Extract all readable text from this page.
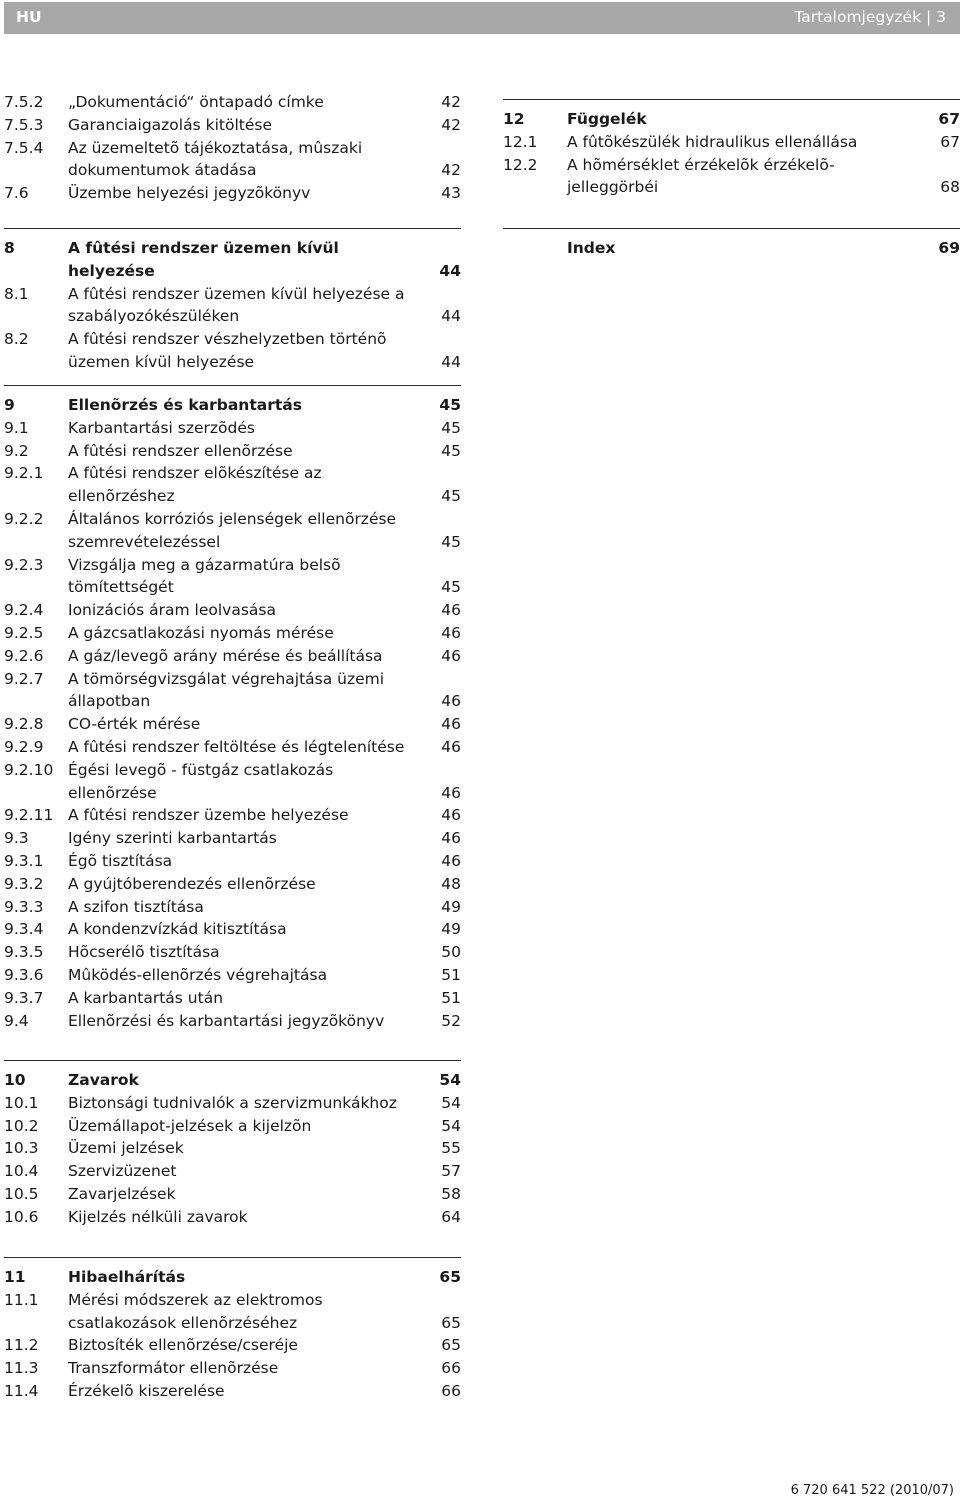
HU	Tartalomjegyzék | 3
7.5.2 „Dokumentáció“ öntapadó címke	42
7.5.3 Garanciaigazolás kitöltése	42
7.5.4 Az üzemeltetõ tájékoztatása, mûszaki dokumentumok átadása	42
7.6	Üzembe helyezési jegyzõkönyv	43
8	A fûtési rendszer üzemen kívül helyezése	44
8.1	A fûtési rendszer üzemen kívül helyezése a szabályozókészüléken	44
8.2	A fûtési rendszer vészhelyzetben történõ üzemen kívül helyezése	44
9	Ellenõrzés és karbantartás	45
9.1	Karbantartási szerzõdés	45
9.2	A fûtési rendszer ellenõrzése	45
9.2.1 A fûtési rendszer elõkészítése az ellenõrzéshez	45
9.2.2 Általános korróziós jelenségek ellenõrzése szemrevételezéssel	45
9.2.3 Vizsgálja meg a gázarmatúra belsõ tömítettségét	45
9.2.4 Ionizációs áram leolvasása	46
9.2.5 A gázcsatlakozási nyomás mérése	46
9.2.6 A gáz/levegõ arány mérése és beállítása	46
9.2.7 A tömörségvizsgálat végrehajtása üzemi állapotban	46
9.2.8 CO-érték mérése	46
9.2.9 A fûtési rendszer feltöltése és légtelenítése	46
9.2.10 Égési levegõ - füstgáz csatlakozás ellenõrzése	46
9.2.11 A fûtési rendszer üzembe helyezése	46
9.3	Igény szerinti karbantartás	46
9.3.1 Égõ tisztítása	46
9.3.2 A gyújtóberendezés ellenõrzése	48
9.3.3 A szifon tisztítása	49
9.3.4 A kondenzvízkád kitisztítása	49
9.3.5 Hõcserélõ tisztítása	50
9.3.6 Mûködés-ellenõrzés végrehajtása	51
9.3.7 A karbantartás után	51
9.4	Ellenõrzési és karbantartási jegyzõkönyv	52
10	Zavarok	54
10.1 Biztonsági tudnivalók a szervizmunkákhoz	54
10.2 Üzemállapot-jelzések a kijelzõn	54
10.3 Üzemi jelzések	55
10.4 Szervizüzenet	57
10.5 Zavarjelzések	58
10.6 Kijelzés nélküli zavarok	64
11	Hibaelhárítás	65
11.1 Mérési módszerek az elektromos csatlakozások ellenõrzéséhez	65
11.2 Biztosíték ellenõrzése/cseréje	65
11.3 Transzformátor ellenõrzése	66
11.4 Érzékelõ kiszerelése	66
12	Függelék	67
12.1 A fûtõkészülék hidraulikus ellenállása	67
12.2 A hõmérséklet érzékelõk érzékelõ-jelleggörbéi	68
Index	69
6 720 641 522 (2010/07)
